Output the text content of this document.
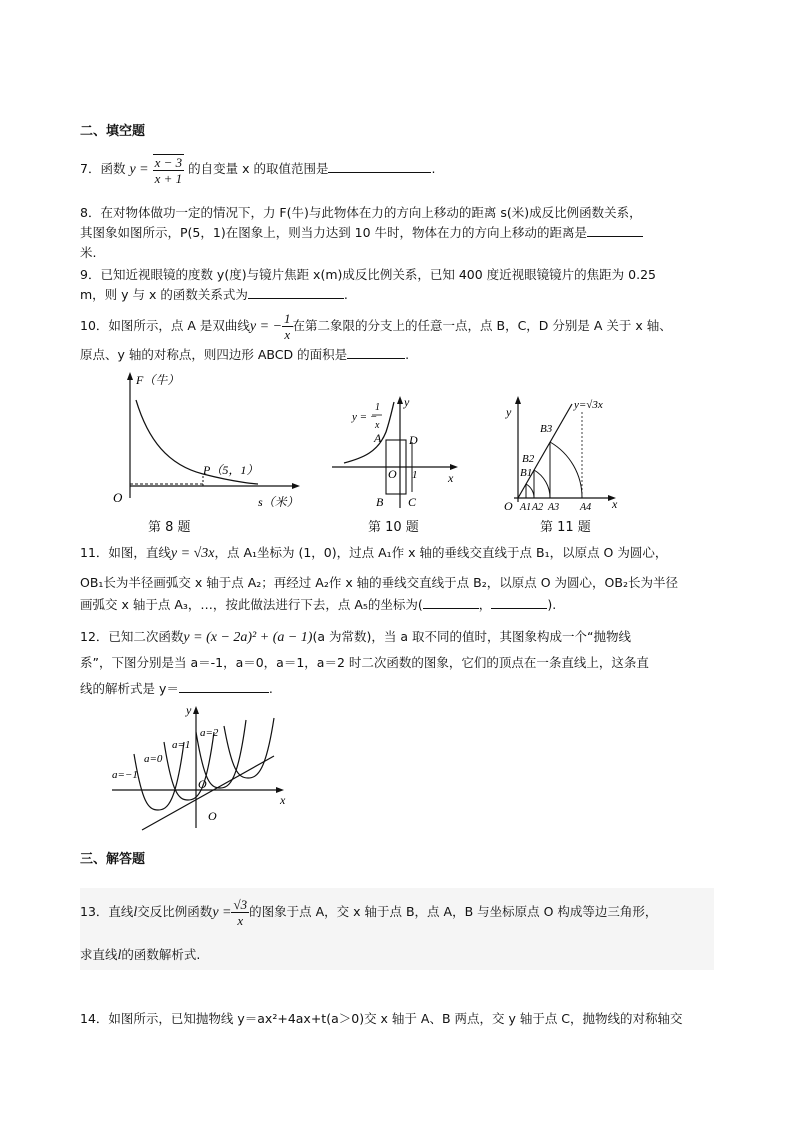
二、填空题
7．函数 $y = \frac{x - 3}{x + 1}$ 的自变量 x 的取值范围是	.
8．在对物体做功一定的情况下，力 F(牛)与此物体在力的方向上移动的距离 s(米)成反比例函数关系，
其图象如图所示，P(5，1)在图象上，则当力达到 10 牛时，物体在力的方向上移动的距离是
米.
9．已知近视眼镜的度数 y(度)与镜片焦距 x(m)成反比例关系，已知 400 度近视眼镜镜片的焦距为 0.25
m，则 y 与 x 的函数关系式为	.
10．如图所示，点 A 是双曲线y = − $\frac{1}{x}$ 在第二象限的分支上的任意一点，点 B，C，D 分别是 A 关于 x 轴、
原点、y 轴的对称点，则四边形 ABCD 的面积是	.
F（牛）
O
P（5，1）
s（米）
第 8 题
y = −
1
x
y
x
A D
O 1
B C
第 10 题
y
x
O
y=√3x
B3
B2
B1
A1 A2 A3 A4
第 11 题
11．如图，直线y = √3x，点 A₁坐标为 (1，0)，过点 A₁作 x 轴的垂线交直线于点 B₁，以原点 O 为圆心，
OB₁长为半径画弧交 x 轴于点 A₂；再经过 A₂作 x 轴的垂线交直线于点 B₂，以原点 O 为圆心，OB₂长为半径
画弧交 x 轴于点 A₃，…，按此做法进行下去，点 A₅的坐标为(	，	).
12．已知二次函数y = (x − 2a)² + (a − 1)(a 为常数)，当 a 取不同的值时，其图象构成一个“抛物线
系”，下图分别是当 a＝-1，a＝0，a＝1，a＝2 时二次函数的图象，它们的顶点在一条直线上，这条直
线的解析式是 y＝	.
y
x
O
O
a=2
a=1
a=0
a=−1
三、解答题
13．直线l交反比例函数$y = \frac{√3}{x}$ 的图象于点 A，交 x 轴于点 B，点 A，B 与坐标原点 O 构成等边三角形，
求直线l的函数解析式.
14．如图所示，已知抛物线 y＝ax²+4ax+t(a＞0)交 x 轴于 A、B 两点，交 y 轴于点 C，抛物线的对称轴交
